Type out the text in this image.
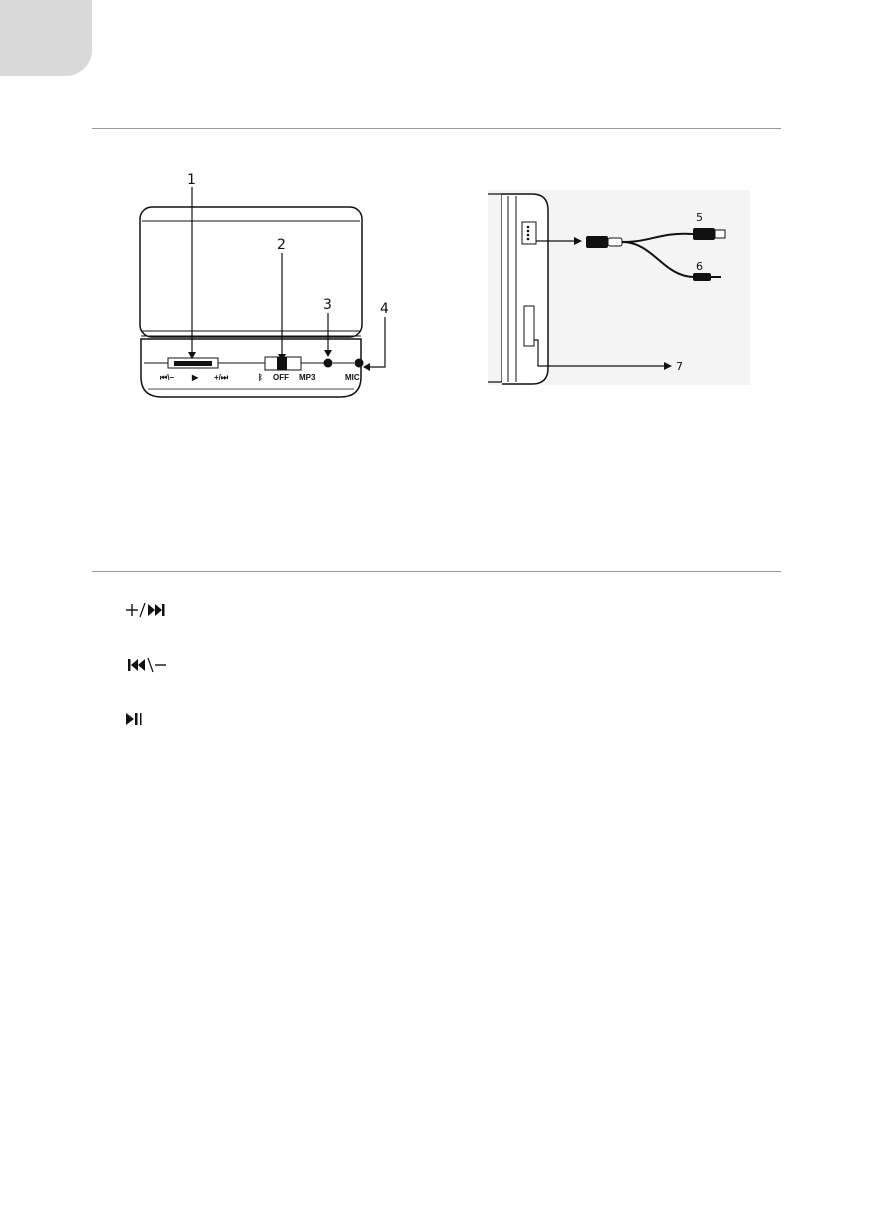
⏮\− ▶︎ +/⏭	ᛒ OFF MP3	MIC
1
2
3	4
5
6
7
